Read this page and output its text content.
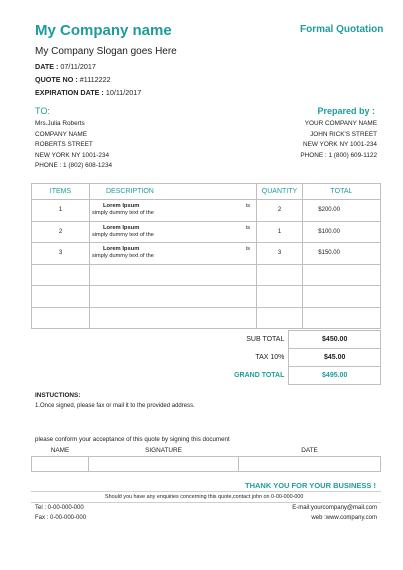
My Company name	Formal Quotation
My Company Slogan goes Here
DATE : 07/11/2017
QUOTE NO : #1112222
EXPIRATION DATE : 10/11/2017
TO:	Prepared by :
Mrs.Julia Roberts
COMPANY NAME
ROBERTS STREET
NEW YORK NY 1001-234
PHONE : 1 (802) 608-1234
YOUR COMPANY NAME
JOHN RICK'S STREET
NEW YORK NY 1001-234
PHONE : 1 (800) 609-1122
ITEMS	DESCRIPTION	QUANTITY	TOTAL
1	Lorem Ipsum
simply dummy text of the
is	2	$200.00
2	Lorem Ipsum
simply dummy text of the
is	1	$100.00
3	Lorem Ipsum
simply dummy text of the
is	3	$150.00

SUB TOTAL	$450.00
TAX 10%	$45.00
GRAND TOTAL	$495.00
INSTUCTIONS:
1.Once signed, please fax or mail it to the provided address.
please conform your acceptance of this quote by signing this document
NAME	SIGNATURE	DATE

THANK YOU FOR YOUR BUSINESS !
Should you have any enquiries concerning this quote,contact john on 0-00-000-000
Tel : 0-00-000-000
Fax : 0-00-000-000
E-mail:yourcompany@mail.com
web :www.company.com
